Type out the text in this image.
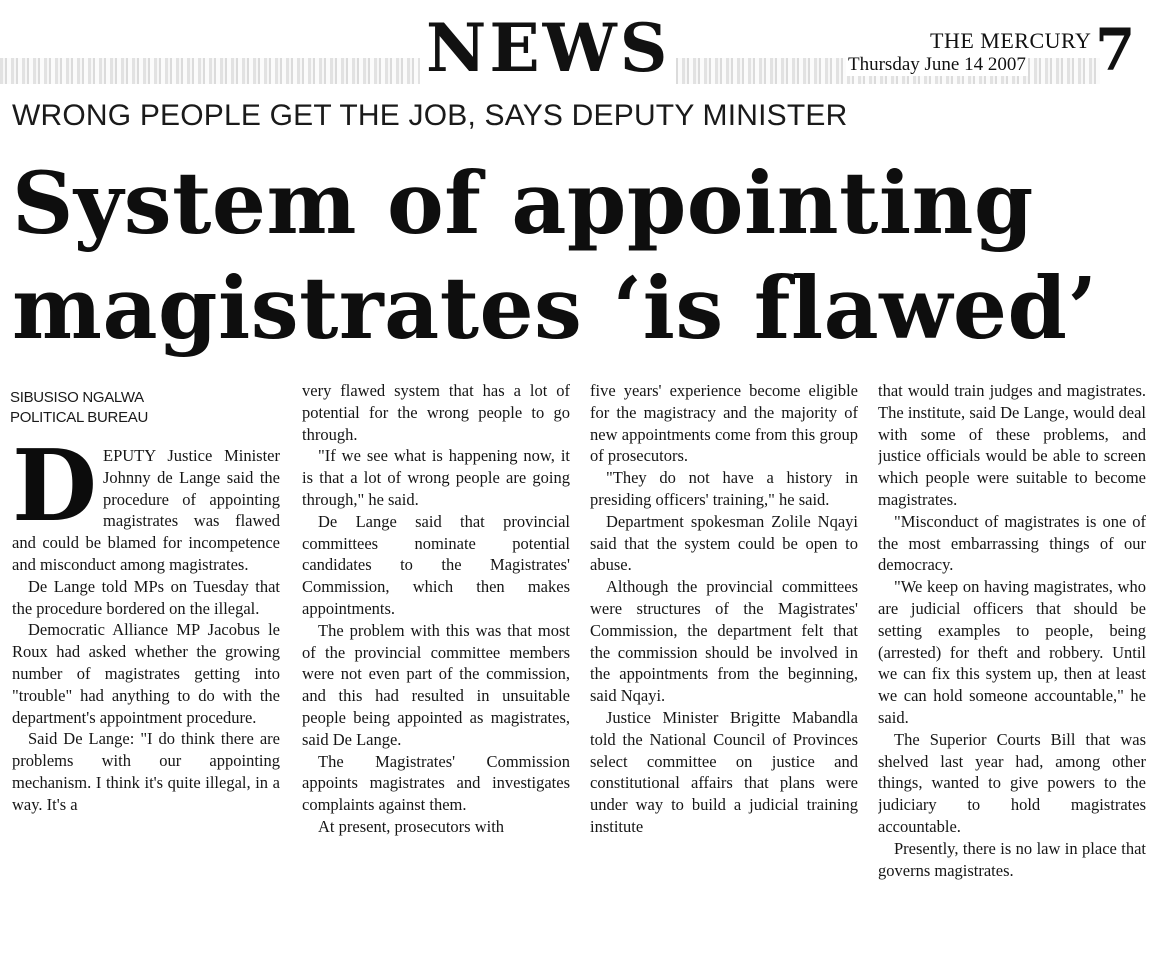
NEWS	THE MERCURY
Thursday June 14 2007 7
WRONG PEOPLE GET THE JOB, SAYS DEPUTY MINISTER
System of appointing
magistrates ‘is flawed’
SIBUSISO NGALWA
POLITICAL BUREAU

DEPUTY Justice Minister Johnny de Lange said the procedure of appointing magistrates was flawed and could be blamed for incompetence and misconduct among magistrates.

De Lange told MPs on Tuesday that the procedure bordered on the illegal.

Democratic Alliance MP Jacobus le Roux had asked whether the growing number of magistrates getting into "trouble" had anything to do with the department's appointment procedure.

Said De Lange: "I do think there are problems with our appointing mechanism. I think it's quite illegal, in a way. It's a

very flawed system that has a lot of potential for the wrong people to go through.

"If we see what is happening now, it is that a lot of wrong people are going through," he said.

De Lange said that provincial committees nominate potential candidates to the Magistrates' Commission, which then makes appointments.

The problem with this was that most of the provincial committee members were not even part of the commission, and this had resulted in unsuitable people being appointed as magistrates, said De Lange.

The Magistrates' Commission appoints magistrates and investigates complaints against them.

At present, prosecutors with

five years' experience become eligible for the magistracy and the majority of new appointments come from this group of prosecutors.

"They do not have a history in presiding officers' training," he said.

Department spokesman Zolile Nqayi said that the system could be open to abuse.

Although the provincial committees were structures of the Magistrates' Commission, the department felt that the commission should be involved in the appointments from the beginning, said Nqayi.

Justice Minister Brigitte Mabandla told the National Council of Provinces select committee on justice and constitutional affairs that plans were under way to build a judicial training institute

that would train judges and magistrates. The institute, said De Lange, would deal with some of these problems, and justice officials would be able to screen which people were suitable to become magistrates.

"Misconduct of magistrates is one of the most embarrassing things of our democracy.

"We keep on having magistrates, who are judicial officers that should be setting examples to people, being (arrested) for theft and robbery. Until we can fix this system up, then at least we can hold someone accountable," he said.

The Superior Courts Bill that was shelved last year had, among other things, wanted to give powers to the judiciary to hold magistrates accountable.

Presently, there is no law in place that governs magistrates.
